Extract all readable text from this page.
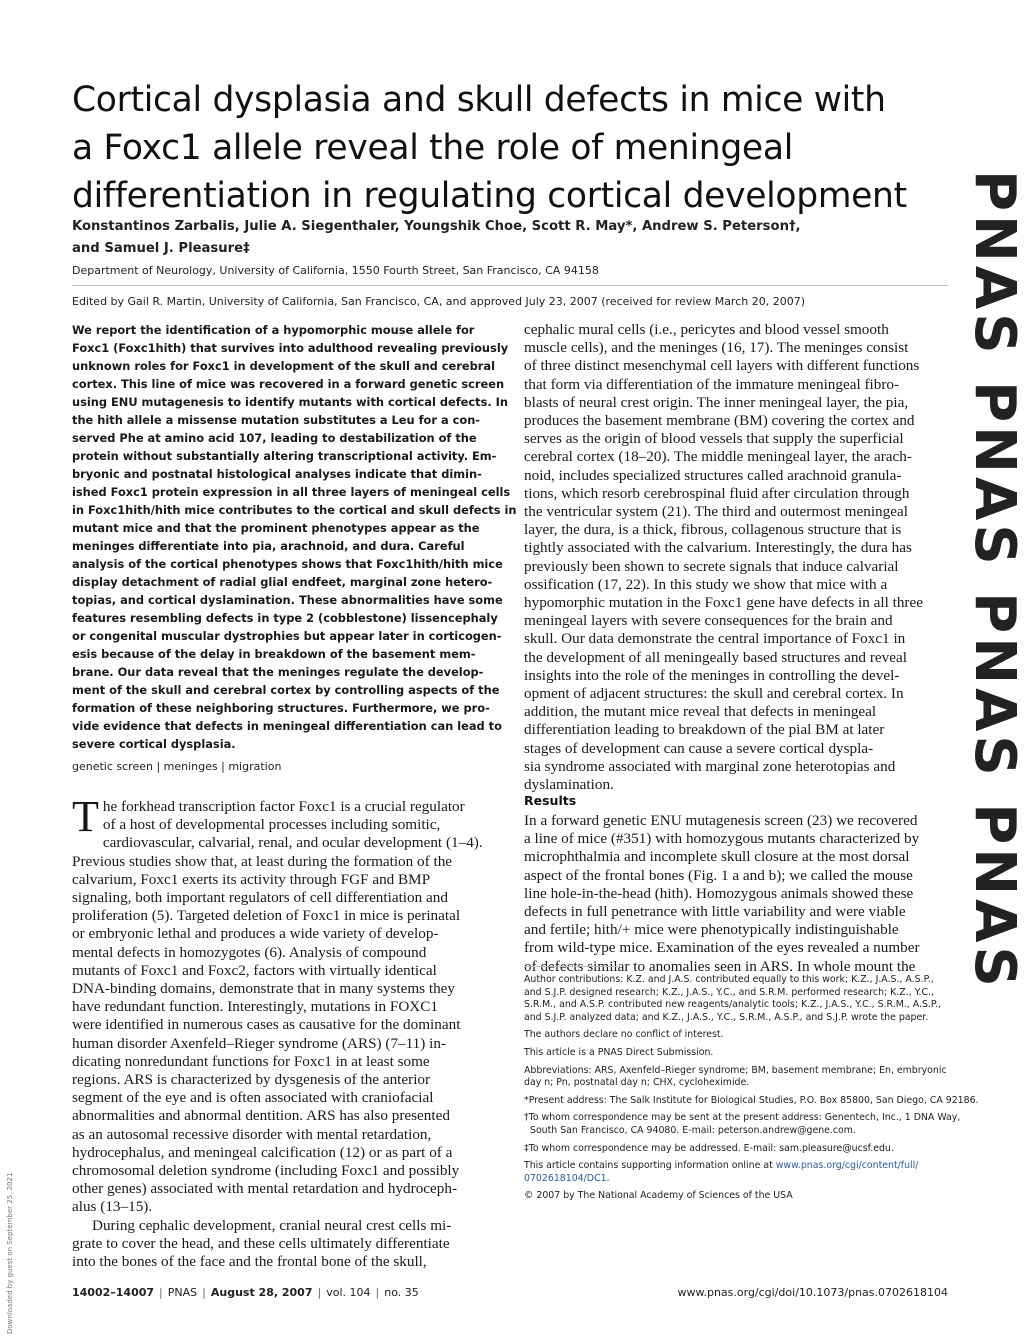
Cortical dysplasia and skull defects in mice with
a Foxc1 allele reveal the role of meningeal
differentiation in regulating cortical development
Konstantinos Zarbalis, Julie A. Siegenthaler, Youngshik Choe, Scott R. May*, Andrew S. Peterson†,
and Samuel J. Pleasure‡
Department of Neurology, University of California, 1550 Fourth Street, San Francisco, CA 94158
Edited by Gail R. Martin, University of California, San Francisco, CA, and approved July 23, 2007 (received for review March 20, 2007)
We report the identification of a hypomorphic mouse allele for
Foxc1 (Foxc1hith) that survives into adulthood revealing previously
unknown roles for Foxc1 in development of the skull and cerebral
cortex. This line of mice was recovered in a forward genetic screen
using ENU mutagenesis to identify mutants with cortical defects. In
the hith allele a missense mutation substitutes a Leu for a con-
served Phe at amino acid 107, leading to destabilization of the
protein without substantially altering transcriptional activity. Em-
bryonic and postnatal histological analyses indicate that dimin-
ished Foxc1 protein expression in all three layers of meningeal cells
in Foxc1hith/hith mice contributes to the cortical and skull defects in
mutant mice and that the prominent phenotypes appear as the
meninges differentiate into pia, arachnoid, and dura. Careful
analysis of the cortical phenotypes shows that Foxc1hith/hith mice
display detachment of radial glial endfeet, marginal zone hetero-
topias, and cortical dyslamination. These abnormalities have some
features resembling defects in type 2 (cobblestone) lissencephaly
or congenital muscular dystrophies but appear later in corticogen-
esis because of the delay in breakdown of the basement mem-
brane. Our data reveal that the meninges regulate the develop-
ment of the skull and cerebral cortex by controlling aspects of the
formation of these neighboring structures. Furthermore, we pro-
vide evidence that defects in meningeal differentiation can lead to
severe cortical dysplasia.
genetic screen | meninges | migration
cephalic mural cells (i.e., pericytes and blood vessel smooth
muscle cells), and the meninges (16, 17). The meninges consist
of three distinct mesenchymal cell layers with different functions
that form via differentiation of the immature meningeal fibro-
blasts of neural crest origin. The inner meningeal layer, the pia,
produces the basement membrane (BM) covering the cortex and
serves as the origin of blood vessels that supply the superficial
cerebral cortex (18–20). The middle meningeal layer, the arach-
noid, includes specialized structures called arachnoid granula-
tions, which resorb cerebrospinal fluid after circulation through
the ventricular system (21). The third and outermost meningeal
layer, the dura, is a thick, fibrous, collagenous structure that is
tightly associated with the calvarium. Interestingly, the dura has
previously been shown to secrete signals that induce calvarial
ossification (17, 22). In this study we show that mice with a
hypomorphic mutation in the Foxc1 gene have defects in all three
meningeal layers with severe consequences for the brain and
skull. Our data demonstrate the central importance of Foxc1 in
the development of all meningeally based structures and reveal
insights into the role of the meninges in controlling the devel-
opment of adjacent structures: the skull and cerebral cortex. In
addition, the mutant mice reveal that defects in meningeal
differentiation leading to breakdown of the pial BM at later
stages of development can cause a severe cortical dyspla-
sia syndrome associated with marginal zone heterotopias and
dyslamination.
T he forkhead transcription factor Foxc1 is a crucial regulator
of a host of developmental processes including somitic,
cardiovascular, calvarial, renal, and ocular development (1–4).
Previous studies show that, at least during the formation of the
calvarium, Foxc1 exerts its activity through FGF and BMP
signaling, both important regulators of cell differentiation and
proliferation (5). Targeted deletion of Foxc1 in mice is perinatal
or embryonic lethal and produces a wide variety of develop-
mental defects in homozygotes (6). Analysis of compound
mutants of Foxc1 and Foxc2, factors with virtually identical
DNA-binding domains, demonstrate that in many systems they
have redundant function. Interestingly, mutations in FOXC1
were identified in numerous cases as causative for the dominant
human disorder Axenfeld–Rieger syndrome (ARS) (7–11) in-
dicating nonredundant functions for Foxc1 in at least some
regions. ARS is characterized by dysgenesis of the anterior
segment of the eye and is often associated with craniofacial
abnormalities and abnormal dentition. ARS has also presented
as an autosomal recessive disorder with mental retardation,
hydrocephalus, and meningeal calcification (12) or as part of a
chromosomal deletion syndrome (including Foxc1 and possibly
other genes) associated with mental retardation and hydroceph-
alus (13–15).
During cephalic development, cranial neural crest cells mi-
grate to cover the head, and these cells ultimately differentiate
into the bones of the face and the frontal bone of the skull,
Results
In a forward genetic ENU mutagenesis screen (23) we recovered
a line of mice (#351) with homozygous mutants characterized by
microphthalmia and incomplete skull closure at the most dorsal
aspect of the frontal bones (Fig. 1 a and b); we called the mouse
line hole-in-the-head (hith). Homozygous animals showed these
defects in full penetrance with little variability and were viable
and fertile; hith/+ mice were phenotypically indistinguishable
from wild-type mice. Examination of the eyes revealed a number
of defects similar to anomalies seen in ARS. In whole mount the

Author contributions: K.Z. and J.A.S. contributed equally to this work; K.Z., J.A.S., A.S.P.,
and S.J.P. designed research; K.Z., J.A.S., Y.C., and S.R.M. performed research; K.Z., Y.C.,
S.R.M., and A.S.P. contributed new reagents/analytic tools; K.Z., J.A.S., Y.C., S.R.M., A.S.P.,
and S.J.P. analyzed data; and K.Z., J.A.S., Y.C., S.R.M., A.S.P., and S.J.P. wrote the paper.

The authors declare no conflict of interest.

This article is a PNAS Direct Submission.

Abbreviations: ARS, Axenfeld–Rieger syndrome; BM, basement membrane; En, embryonic
day n; Pn, postnatal day n; CHX, cycloheximide.

*Present address: The Salk Institute for Biological Studies, P.O. Box 85800, San Diego, CA 92186.

†To whom correspondence may be sent at the present address: Genentech, Inc., 1 DNA Way,
South San Francisco, CA 94080. E-mail: peterson.andrew@gene.com.

‡To whom correspondence may be addressed. E-mail: sam.pleasure@ucsf.edu.

This article contains supporting information online at www.pnas.org/cgi/content/full/
0702618104/DC1.

© 2007 by The National Academy of Sciences of the USA

14002–14007 | PNAS | August 28, 2007 | vol. 104 | no. 35	www.pnas.org/cgi/doi/10.1073/pnas.0702618104
PNAS PNAS PNAS PNAS
Downloaded by guest on September 25, 2021
